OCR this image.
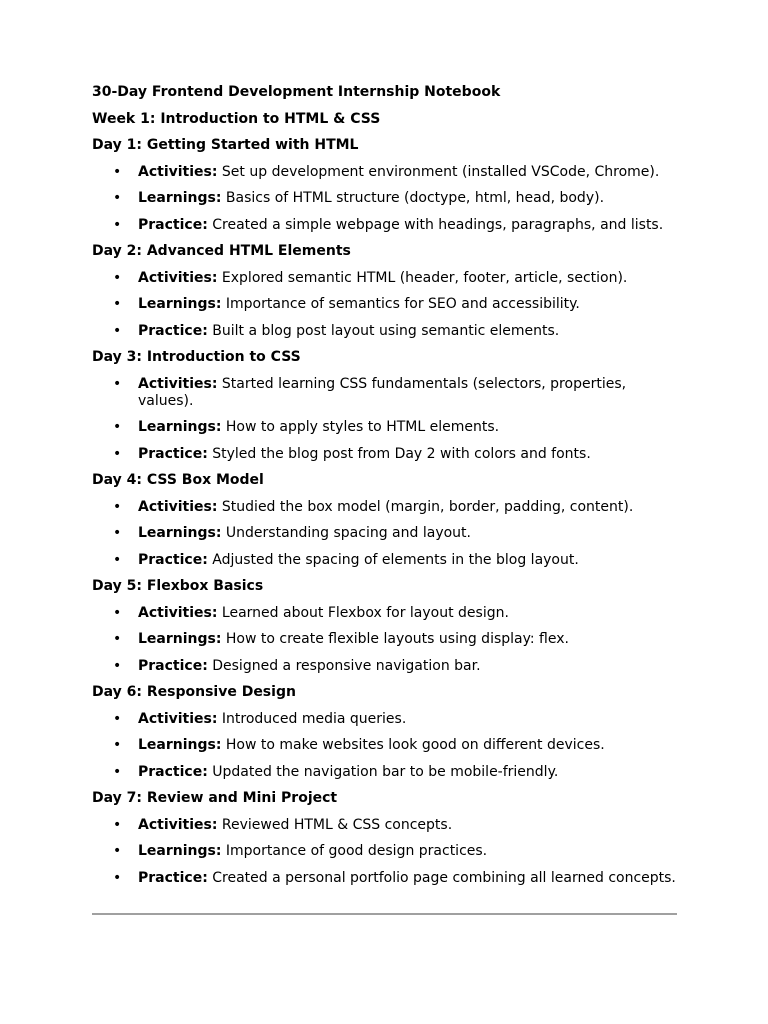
30-Day Frontend Development Internship Notebook
Week 1: Introduction to HTML & CSS
Day 1: Getting Started with HTML
• Activities: Set up development environment (installed VSCode, Chrome).
• Learnings: Basics of HTML structure (doctype, html, head, body).
• Practice: Created a simple webpage with headings, paragraphs, and lists.
Day 2: Advanced HTML Elements
• Activities: Explored semantic HTML (header, footer, article, section).
• Learnings: Importance of semantics for SEO and accessibility.
• Practice: Built a blog post layout using semantic elements.
Day 3: Introduction to CSS
• Activities: Started learning CSS fundamentals (selectors, properties, values).
• Learnings: How to apply styles to HTML elements.
• Practice: Styled the blog post from Day 2 with colors and fonts.
Day 4: CSS Box Model
• Activities: Studied the box model (margin, border, padding, content).
• Learnings: Understanding spacing and layout.
• Practice: Adjusted the spacing of elements in the blog layout.
Day 5: Flexbox Basics
• Activities: Learned about Flexbox for layout design.
• Learnings: How to create flexible layouts using display: flex.
• Practice: Designed a responsive navigation bar.
Day 6: Responsive Design
• Activities: Introduced media queries.
• Learnings: How to make websites look good on different devices.
• Practice: Updated the navigation bar to be mobile-friendly.
Day 7: Review and Mini Project
• Activities: Reviewed HTML & CSS concepts.
• Learnings: Importance of good design practices.
• Practice: Created a personal portfolio page combining all learned concepts.
